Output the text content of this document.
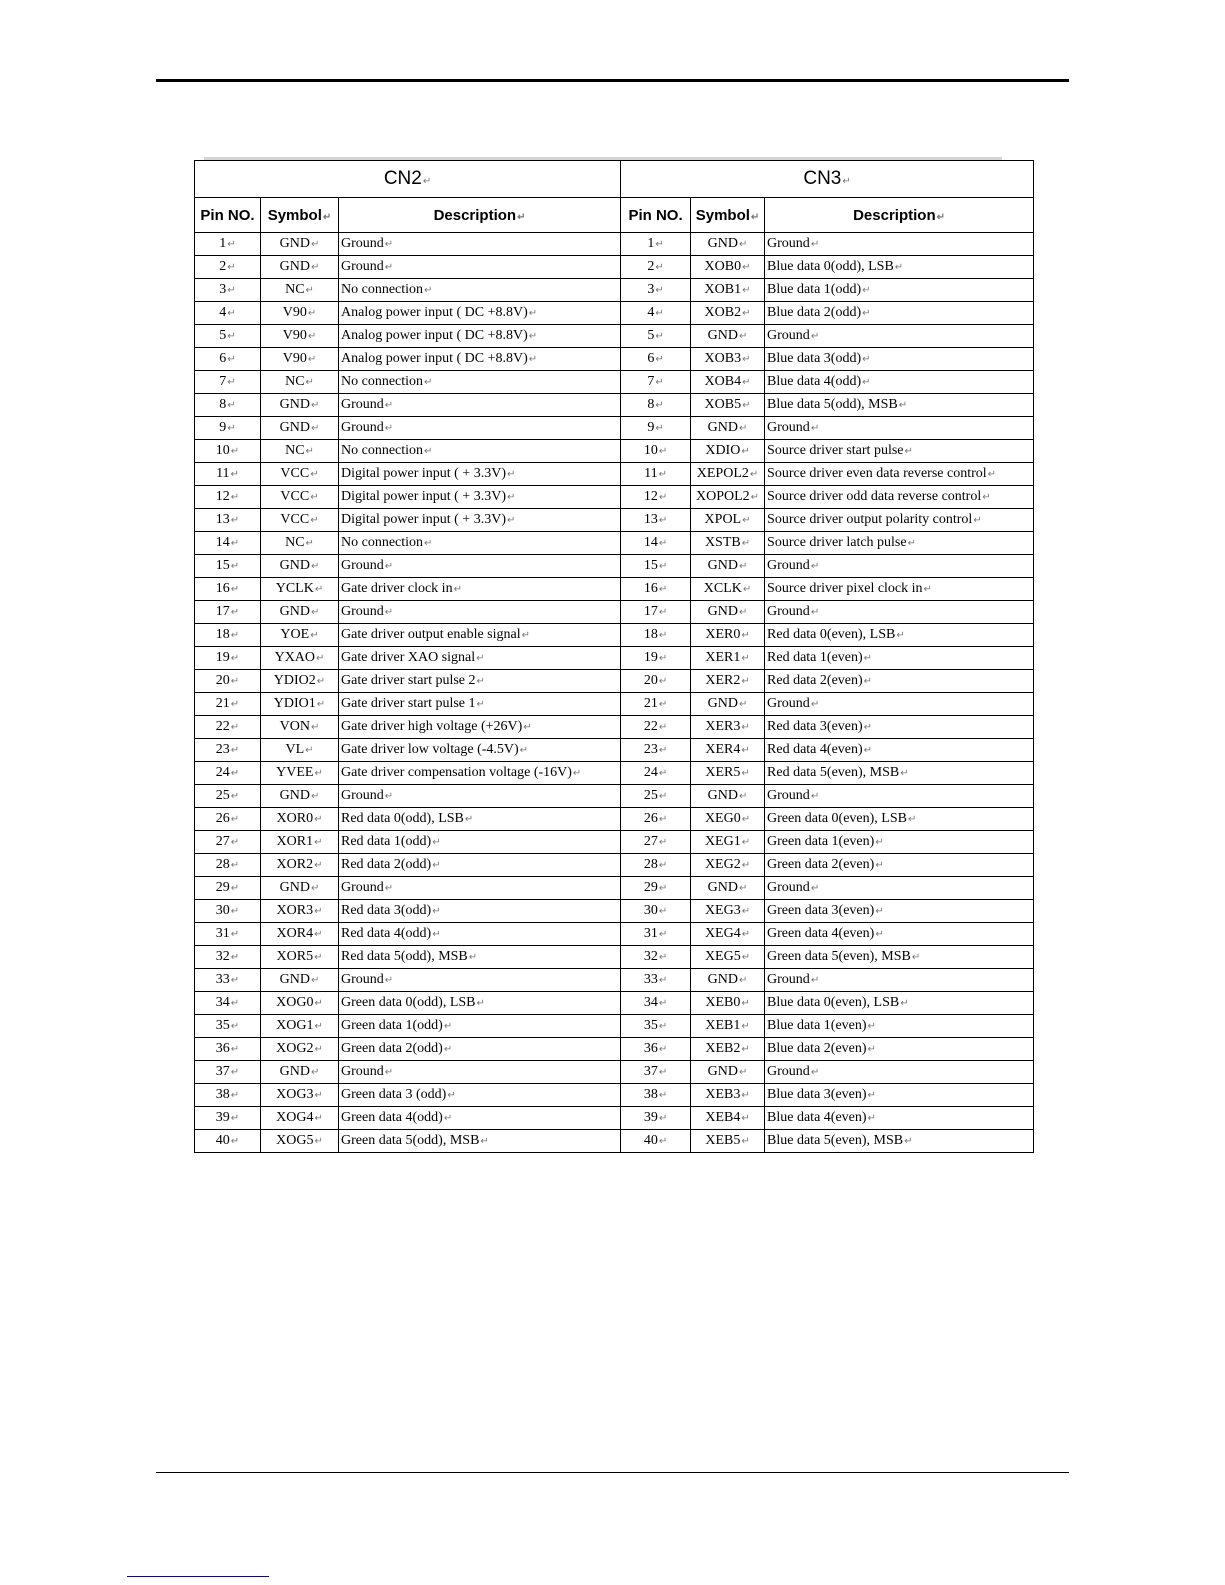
CN2↵			CN3↵		
Pin NO.	Symbol↵	Description↵	Pin NO.	Symbol↵	Description↵
1↵	GND↵	Ground↵	1↵	GND↵	Ground↵
2↵	GND↵	Ground↵	2↵	XOB0↵	Blue data 0(odd), LSB↵
3↵	NC↵	No connection↵	3↵	XOB1↵	Blue data 1(odd)↵
4↵	V90↵	Analog power input ( DC +8.8V)↵	4↵	XOB2↵	Blue data 2(odd)↵
5↵	V90↵	Analog power input ( DC +8.8V)↵	5↵	GND↵	Ground↵
6↵	V90↵	Analog power input ( DC +8.8V)↵	6↵	XOB3↵	Blue data 3(odd)↵
7↵	NC↵	No connection↵	7↵	XOB4↵	Blue data 4(odd)↵
8↵	GND↵	Ground↵	8↵	XOB5↵	Blue data 5(odd), MSB↵
9↵	GND↵	Ground↵	9↵	GND↵	Ground↵
10↵	NC↵	No connection↵	10↵	XDIO↵	Source driver start pulse↵
11↵	VCC↵	Digital power input ( + 3.3V)↵	11↵	XEPOL2↵	Source driver even data reverse control↵
12↵	VCC↵	Digital power input ( + 3.3V)↵	12↵	XOPOL2↵	Source driver odd data reverse control↵
13↵	VCC↵	Digital power input ( + 3.3V)↵	13↵	XPOL↵	Source driver output polarity control↵
14↵	NC↵	No connection↵	14↵	XSTB↵	Source driver latch pulse↵
15↵	GND↵	Ground↵	15↵	GND↵	Ground↵
16↵	YCLK↵	Gate driver clock in↵	16↵	XCLK↵	Source driver pixel clock in↵
17↵	GND↵	Ground↵	17↵	GND↵	Ground↵
18↵	YOE↵	Gate driver output enable signal↵	18↵	XER0↵	Red data 0(even), LSB↵
19↵	YXAO↵	Gate driver XAO signal↵	19↵	XER1↵	Red data 1(even)↵
20↵	YDIO2↵	Gate driver start pulse 2↵	20↵	XER2↵	Red data 2(even)↵
21↵	YDIO1↵	Gate driver start pulse 1↵	21↵	GND↵	Ground↵
22↵	VON↵	Gate driver high voltage (+26V)↵	22↵	XER3↵	Red data 3(even)↵
23↵	VL↵	Gate driver low voltage (-4.5V)↵	23↵	XER4↵	Red data 4(even)↵
24↵	YVEE↵	Gate driver compensation voltage (-16V)↵	24↵	XER5↵	Red data 5(even), MSB↵
25↵	GND↵	Ground↵	25↵	GND↵	Ground↵
26↵	XOR0↵	Red data 0(odd), LSB↵	26↵	XEG0↵	Green data 0(even), LSB↵
27↵	XOR1↵	Red data 1(odd)↵	27↵	XEG1↵	Green data 1(even)↵
28↵	XOR2↵	Red data 2(odd)↵	28↵	XEG2↵	Green data 2(even)↵
29↵	GND↵	Ground↵	29↵	GND↵	Ground↵
30↵	XOR3↵	Red data 3(odd)↵	30↵	XEG3↵	Green data 3(even)↵
31↵	XOR4↵	Red data 4(odd)↵	31↵	XEG4↵	Green data 4(even)↵
32↵	XOR5↵	Red data 5(odd), MSB↵	32↵	XEG5↵	Green data 5(even), MSB↵
33↵	GND↵	Ground↵	33↵	GND↵	Ground↵
34↵	XOG0↵	Green data 0(odd), LSB↵	34↵	XEB0↵	Blue data 0(even), LSB↵
35↵	XOG1↵	Green data 1(odd)↵	35↵	XEB1↵	Blue data 1(even)↵
36↵	XOG2↵	Green data 2(odd)↵	36↵	XEB2↵	Blue data 2(even)↵
37↵	GND↵	Ground↵	37↵	GND↵	Ground↵
38↵	XOG3↵	Green data 3 (odd)↵	38↵	XEB3↵	Blue data 3(even)↵
39↵	XOG4↵	Green data 4(odd)↵	39↵	XEB4↵	Blue data 4(even)↵
40↵	XOG5↵	Green data 5(odd), MSB↵	40↵	XEB5↵	Blue data 5(even), MSB↵
